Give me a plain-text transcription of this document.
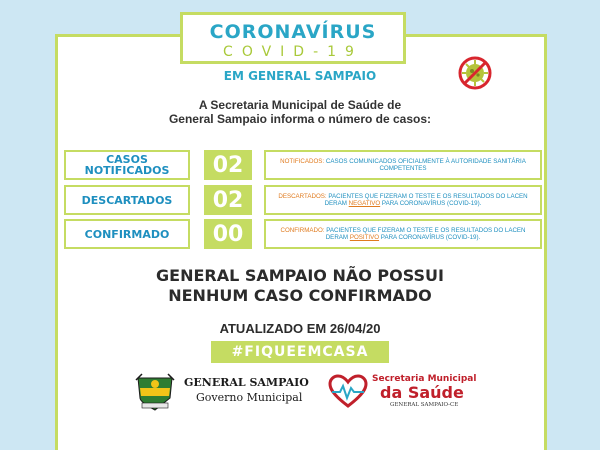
CORONAVÍRUS
COVID-19
EM GENERAL SAMPAIO
A Secretaria Municipal de Saúde de
General Sampaio informa o número de casos:
CASOS
NOTIFICADOS	02	NOTIFICADOS: CASOS COMUNICADOS OFICIALMENTE À AUTORIDADE SANITÁRIA COMPETENTES
DESCARTADOS	02	DESCARTADOS: PACIENTES QUE FIZERAM O TESTE E OS RESULTADOS DO LACEN DERAM NEGATIVO PARA CORONAVÍRUS (COVID-19).
CONFIRMADO	00	CONFIRMADO: PACIENTES QUE FIZERAM O TESTE E OS RESULTADOS DO LACEN DERAM POSITIVO PARA CORONAVÍRUS (COVID-19).
GENERAL SAMPAIO NÃO POSSUI
NENHUM CASO CONFIRMADO
ATUALIZADO EM 26/04/20
#FIQUEEMCASA
GENERAL SAMPAIO
Governo Municipal
Secretaria Municipal
da Saúde
GENERAL SAMPAIO-CE
